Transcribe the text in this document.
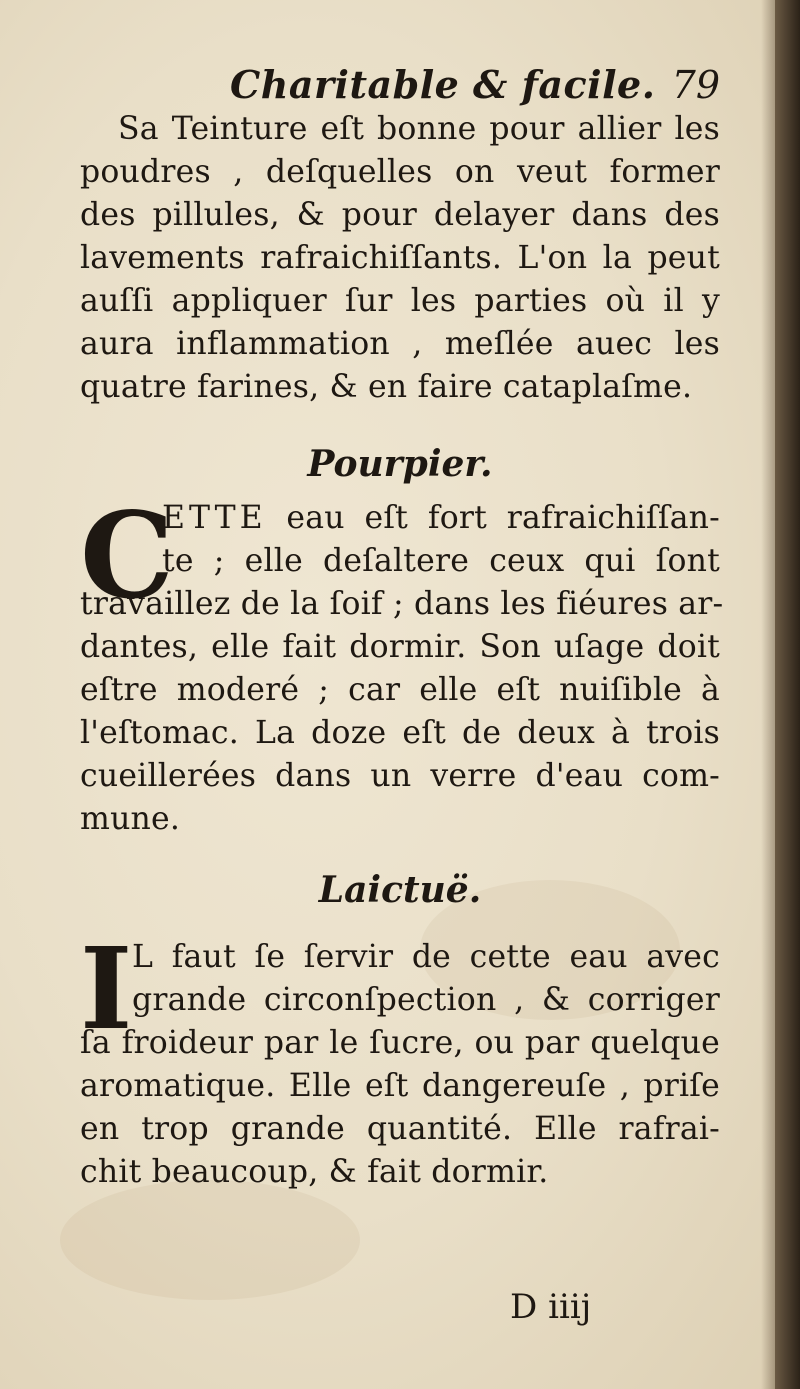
Charitable & facile. 79
Sa Teinture eſt bonne pour allier les
poudres , deſquelles on veut former
des pillules, & pour delayer dans des
lavements rafraichiſſants. L'on la peut
auſſi appliquer ſur les parties où il y
aura inflammation , meſlée auec les
quatre farines, & en faire cataplaſme.
Pourpier.
C
ETTE eau eſt fort rafraichiſſan-
te ; elle deſaltere ceux qui ſont
travaillez de la ſoif ; dans les fiéures ar-
dantes, elle fait dormir. Son uſage doit
eſtre moderé ; car elle eſt nuiſible à
l'eſtomac. La doze eſt de deux à trois
cueillerées dans un verre d'eau com-
mune.
Laictuë.
I L faut ſe ſervir de cette eau avec
grande circonſpection , & corriger
ſa froideur par le ſucre, ou par quelque
aromatique. Elle eſt dangereuſe , priſe
en trop grande quantité. Elle rafrai-
chit beaucoup, & fait dormir.

D iiij
